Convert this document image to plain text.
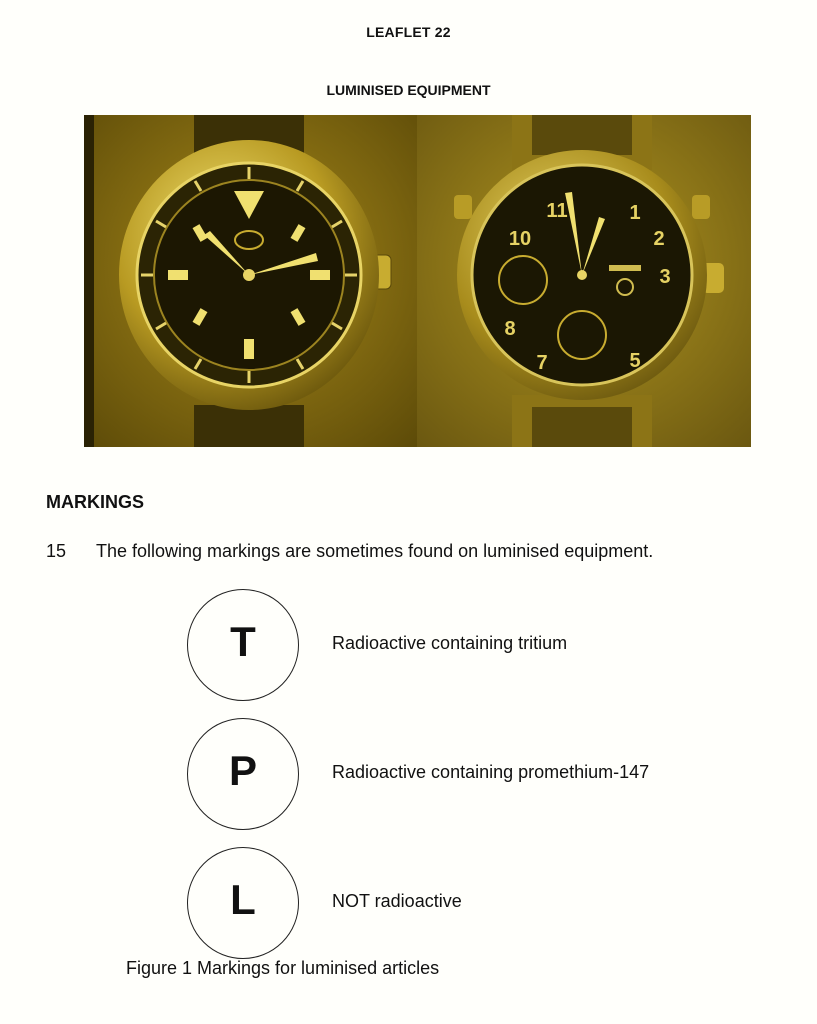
LEAFLET 22
LUMINISED EQUIPMENT
1
2
3
5
7
8
10
11
MARKINGS
15 The following markings are sometimes found on luminised equipment.
T	Radioactive containing tritium
P	Radioactive containing promethium-147
L	NOT radioactive
Figure 1 Markings for luminised articles
